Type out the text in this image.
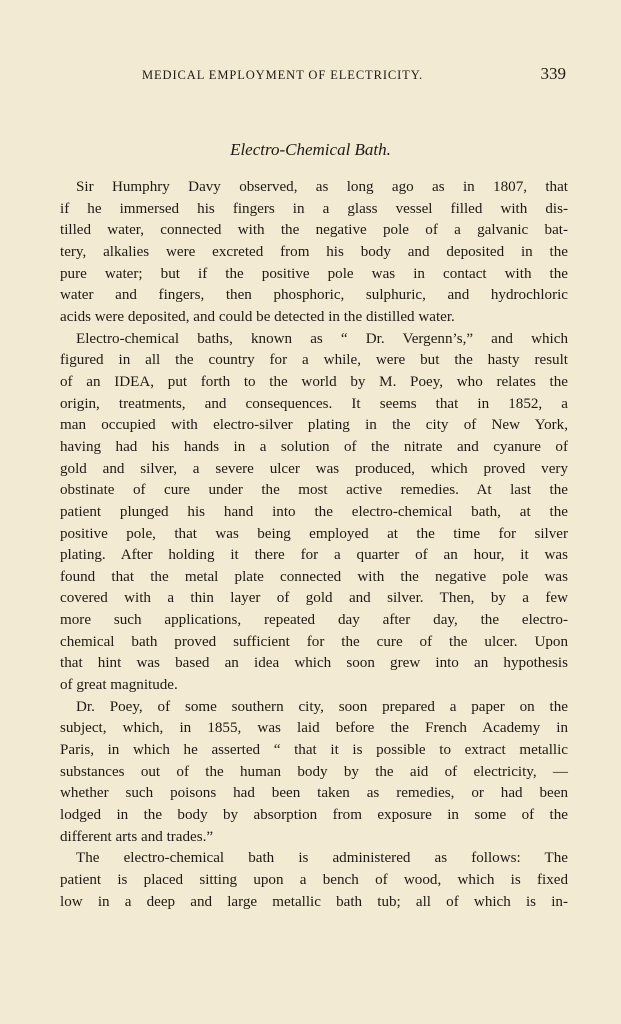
MEDICAL EMPLOYMENT OF ELECTRICITY.	339
Electro-Chemical Bath.
Sir Humphry Davy observed, as long ago as in 1807, that
if he immersed his fingers in a glass vessel filled with dis-
tilled water, connected with the negative pole of a galvanic bat-
tery, alkalies were excreted from his body and deposited in the
pure water; but if the positive pole was in contact with the
water and fingers, then phosphoric, sulphuric, and hydrochloric
acids were deposited, and could be detected in the distilled water.
Electro-chemical baths, known as “ Dr. Vergenn’s,” and which
figured in all the country for a while, were but the hasty result
of an IDEA, put forth to the world by M. Poey, who relates the
origin, treatments, and consequences. It seems that in 1852, a
man occupied with electro-silver plating in the city of New York,
having had his hands in a solution of the nitrate and cyanure of
gold and silver, a severe ulcer was produced, which proved very
obstinate of cure under the most active remedies. At last the
patient plunged his hand into the electro-chemical bath, at the
positive pole, that was being employed at the time for silver
plating. After holding it there for a quarter of an hour, it was
found that the metal plate connected with the negative pole was
covered with a thin layer of gold and silver. Then, by a few
more such applications, repeated day after day, the electro-
chemical bath proved sufficient for the cure of the ulcer. Upon
that hint was based an idea which soon grew into an hypothesis
of great magnitude.
Dr. Poey, of some southern city, soon prepared a paper on the
subject, which, in 1855, was laid before the French Academy in
Paris, in which he asserted “ that it is possible to extract metallic
substances out of the human body by the aid of electricity, —
whether such poisons had been taken as remedies, or had been
lodged in the body by absorption from exposure in some of the
different arts and trades.”
The electro-chemical bath is administered as follows: The
patient is placed sitting upon a bench of wood, which is fixed
low in a deep and large metallic bath tub; all of which is in-
